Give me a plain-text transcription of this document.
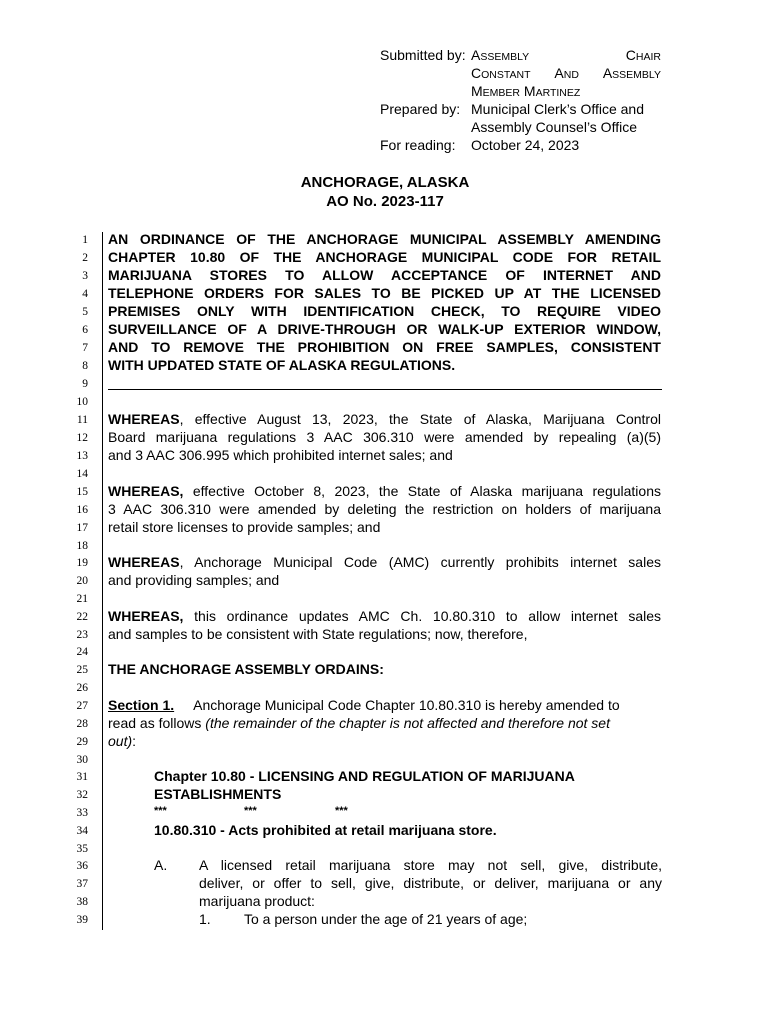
Submitted by: ASSEMBLY	CHAIR
CONSTANT AND ASSEMBLY
MEMBER MARTINEZ
Prepared by: Municipal Clerk’s Office and
Assembly Counsel’s Office
For reading: October 24, 2023
ANCHORAGE, ALASKA
AO No. 2023-117
1
2
3
4
5
6
7
8
9
10
11
12
13
14
15
16
17
18
19
20
21
22
23
24
25
26
27
28
29
30
31
32
33
34
35
36
37
38
39
AN ORDINANCE OF THE ANCHORAGE MUNICIPAL ASSEMBLY AMENDING
CHAPTER 10.80 OF THE ANCHORAGE MUNICIPAL CODE FOR RETAIL
MARIJUANA STORES TO ALLOW ACCEPTANCE OF INTERNET AND
TELEPHONE ORDERS FOR SALES TO BE PICKED UP AT THE LICENSED
PREMISES ONLY WITH IDENTIFICATION CHECK, TO REQUIRE VIDEO
SURVEILLANCE OF A DRIVE-THROUGH OR WALK-UP EXTERIOR WINDOW,
AND TO REMOVE THE PROHIBITION ON FREE SAMPLES, CONSISTENT
WITH UPDATED STATE OF ALASKA REGULATIONS.
WHEREAS, effective August 13, 2023, the State of Alaska, Marijuana Control
Board marijuana regulations 3 AAC 306.310 were amended by repealing (a)(5)
and 3 AAC 306.995 which prohibited internet sales; and
WHEREAS, effective October 8, 2023, the State of Alaska marijuana regulations
3 AAC 306.310 were amended by deleting the restriction on holders of marijuana
retail store licenses to provide samples; and
WHEREAS, Anchorage Municipal Code (AMC) currently prohibits internet sales
and providing samples; and
WHEREAS, this ordinance updates AMC Ch. 10.80.310 to allow internet sales
and samples to be consistent with State regulations; now, therefore,
THE ANCHORAGE ASSEMBLY ORDAINS:
Section 1. Anchorage Municipal Code Chapter 10.80.310 is hereby amended to
read as follows (the remainder of the chapter is not affected and therefore not set
out):
Chapter 10.80 - LICENSING AND REGULATION OF MARIJUANA
ESTABLISHMENTS
***	***	***
10.80.310 - Acts prohibited at retail marijuana store.
A.	A licensed retail marijuana store may not sell, give, distribute,
deliver, or offer to sell, give, distribute, or deliver, marijuana or any
marijuana product:
1.	To a person under the age of 21 years of age;
